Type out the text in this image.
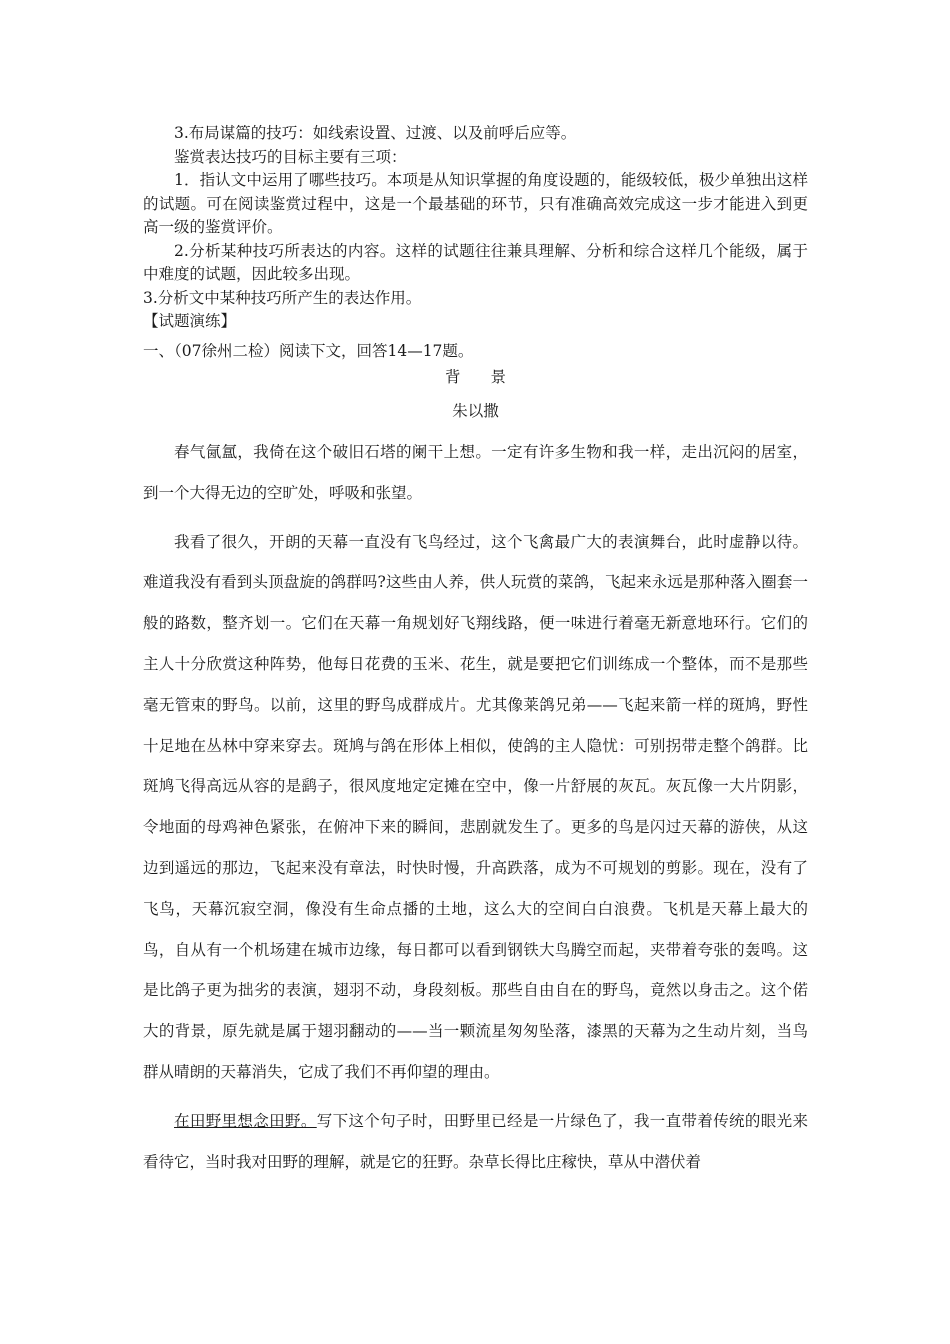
3.布局谋篇的技巧：如线索设置、过渡、以及前呼后应等。

鉴赏表达技巧的目标主要有三项：

1．指认文中运用了哪些技巧。本项是从知识掌握的角度设题的，能级较低，极少单独出这样的试题。可在阅读鉴赏过程中，这是一个最基础的环节，只有准确高效完成这一步才能进入到更高一级的鉴赏评价。

2.分析某种技巧所表达的内容。这样的试题往往兼具理解、分析和综合这样几个能级，属于中难度的试题，因此较多出现。

3.分析文中某种技巧所产生的表达作用。

【试题演练】

一、（07徐州二检）阅读下文，回答14—17题。

背 景

朱以撒

春气氤氲，我倚在这个破旧石塔的阑干上想。一定有许多生物和我一样，走出沉闷的居室，到一个大得无边的空旷处，呼吸和张望。

我看了很久，开朗的天幕一直没有飞鸟经过，这个飞禽最广大的表演舞台，此时虚静以待。难道我没有看到头顶盘旋的鸽群吗?这些由人养，供人玩赏的菜鸽，飞起来永远是那种落入圈套一般的路数，整齐划一。它们在天幕一角规划好飞翔线路，便一味进行着毫无新意地环行。它们的主人十分欣赏这种阵势，他每日花费的玉米、花生，就是要把它们训练成一个整体，而不是那些毫无管束的野鸟。以前，这里的野鸟成群成片。尤其像莱鸽兄弟——飞起来箭一样的斑鸠，野性十足地在丛林中穿来穿去。斑鸠与鸽在形体上相似，使鸽的主人隐忧：可别拐带走整个鸽群。比斑鸠飞得高远从容的是鹞子，很风度地定定摊在空中，像一片舒展的灰瓦。灰瓦像一大片阴影，令地面的母鸡神色紧张，在俯冲下来的瞬间，悲剧就发生了。更多的鸟是闪过天幕的游侠，从这边到遥远的那边，飞起来没有章法，时快时慢，升高跌落，成为不可规划的剪影。现在，没有了飞鸟，天幕沉寂空洞，像没有生命点播的土地，这么大的空间白白浪费。飞机是天幕上最大的鸟，自从有一个机场建在城市边缘，每日都可以看到钢铁大鸟腾空而起，夹带着夸张的轰鸣。这是比鸽子更为拙劣的表演，翅羽不动，身段刻板。那些自由自在的野鸟，竟然以身击之。这个偌大的背景，原先就是属于翅羽翻动的——当一颗流星匆匆坠落，漆黑的天幕为之生动片刻，当鸟群从晴朗的天幕消失，它成了我们不再仰望的理由。

在田野里想念田野。写下这个句子时，田野里已经是一片绿色了，我一直带着传统的眼光来看待它，当时我对田野的理解，就是它的狂野。杂草长得比庄稼快，草从中潜伏着
